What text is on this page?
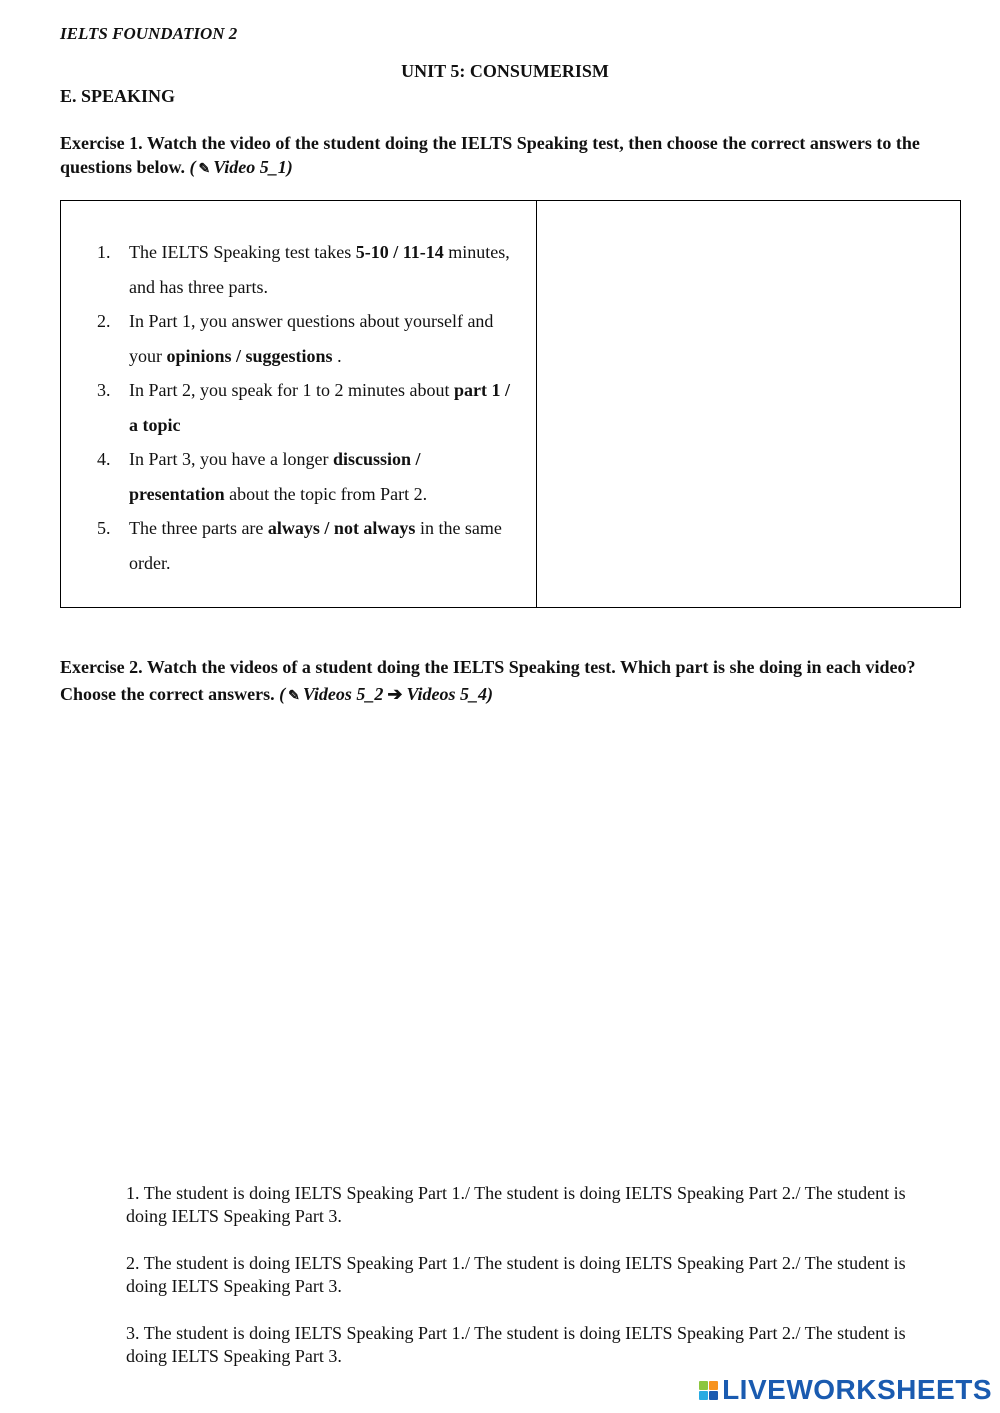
IELTS FOUNDATION 2
UNIT 5: CONSUMERISM
E. SPEAKING
Exercise 1. Watch the video of the student doing the IELTS Speaking test, then choose the correct answers to the questions below. ( ✎ Video 5_1)
1. The IELTS Speaking test takes 5-10 / 11-14 minutes, and has three parts.
2. In Part 1, you answer questions about yourself and your opinions / suggestions .
3. In Part 2, you speak for 1 to 2 minutes about part 1 / a topic
4. In Part 3, you have a longer discussion / presentation about the topic from Part 2.
5. The three parts are always / not always in the same order.
Exercise 2. Watch the videos of a student doing the IELTS Speaking test. Which part is she doing in each video? Choose the correct answers. ( ✎ Videos 5_2 ➔ Videos 5_4)
1. The student is doing IELTS Speaking Part 1./ The student is doing IELTS Speaking Part 2./ The student is doing IELTS Speaking Part 3.
2. The student is doing IELTS Speaking Part 1./ The student is doing IELTS Speaking Part 2./ The student is doing IELTS Speaking Part 3.
3. The student is doing IELTS Speaking Part 1./ The student is doing IELTS Speaking Part 2./ The student is doing IELTS Speaking Part 3.
LIVEWORKSHEETS
